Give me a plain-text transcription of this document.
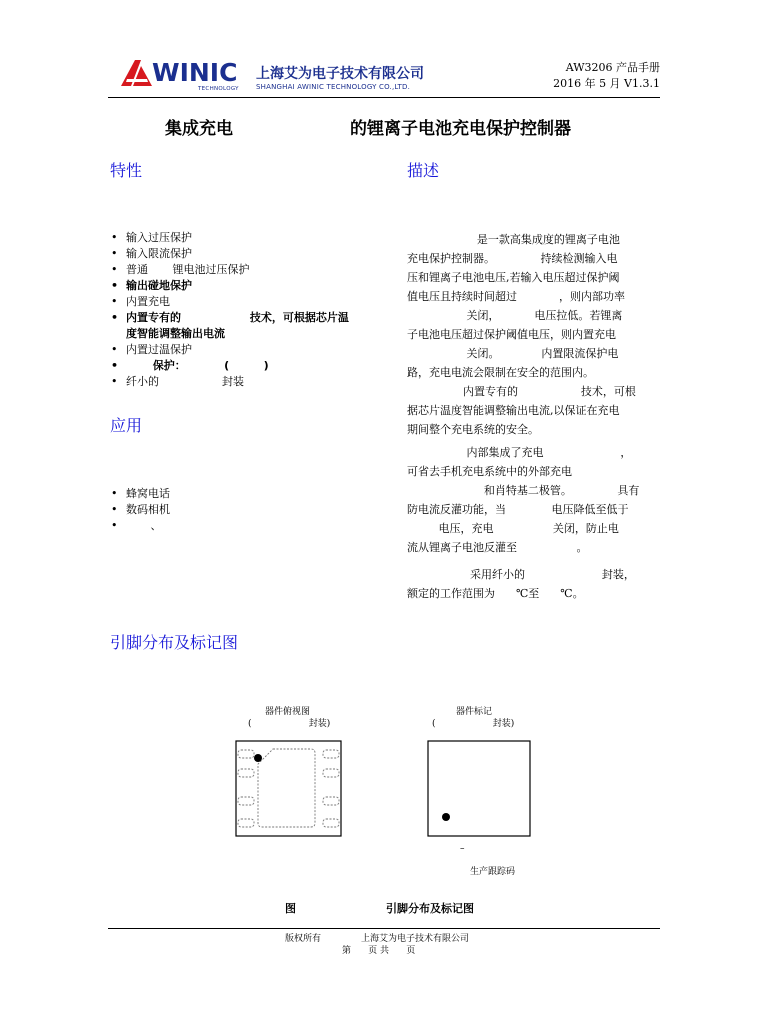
WINIC
TECHNOLOGY
上海艾为电子技术有限公司
SHANGHAI AWINIC TECHNOLOGY CO.,LTD.
AW3206 产品手册
2016 年 5 月 V1.3.1
集成充电	的锂离子电池充电保护控制器
特性
• 输入过压保护
• 输入限流保护
• 普通       锂电池过压保护
• 输出碰地保护
• 内置充电
• 内置专有的                  技术，可根据芯片温
度智能调整输出电流
• 内置过温保护
•        保护：          (         )
• 纤小的                  封装
应用
• 蜂窝电话
• 数码相机
•        、
描述
是一款高集成度的锂离子电池
充电保护控制器。             持续检测输入电
压和锂离子电池电压,若输入电压超过保护阈
值电压且持续时间超过            ，则内部功率
关闭，          电压拉低。若锂离
子电池电压超过保护阈值电压，则内置充电
关闭。            内置限流保护电
路，充电电流会限制在安全的范围内。
内置专有的                  技术，可根
据芯片温度智能调整输出电流,以保证在充电
期间整个充电系统的安全。
内部集成了充电                      ，
可省去手机充电系统中的外部充电
和肖特基二极管。             具有
防电流反灌功能，当             电压降低至低于
电压，充电                 关闭，防止电
流从锂离子电池反灌至                 。
采用纤小的                      封装，
额定的工作范围为      ℃至      ℃。
引脚分布及标记图
器件俯视图
(                    封装)
器件标记
(                    封装)
–
生产跟踪码
图	引脚分布及标记图
版权所有              上海艾为电子技术有限公司
第      页 共      页
